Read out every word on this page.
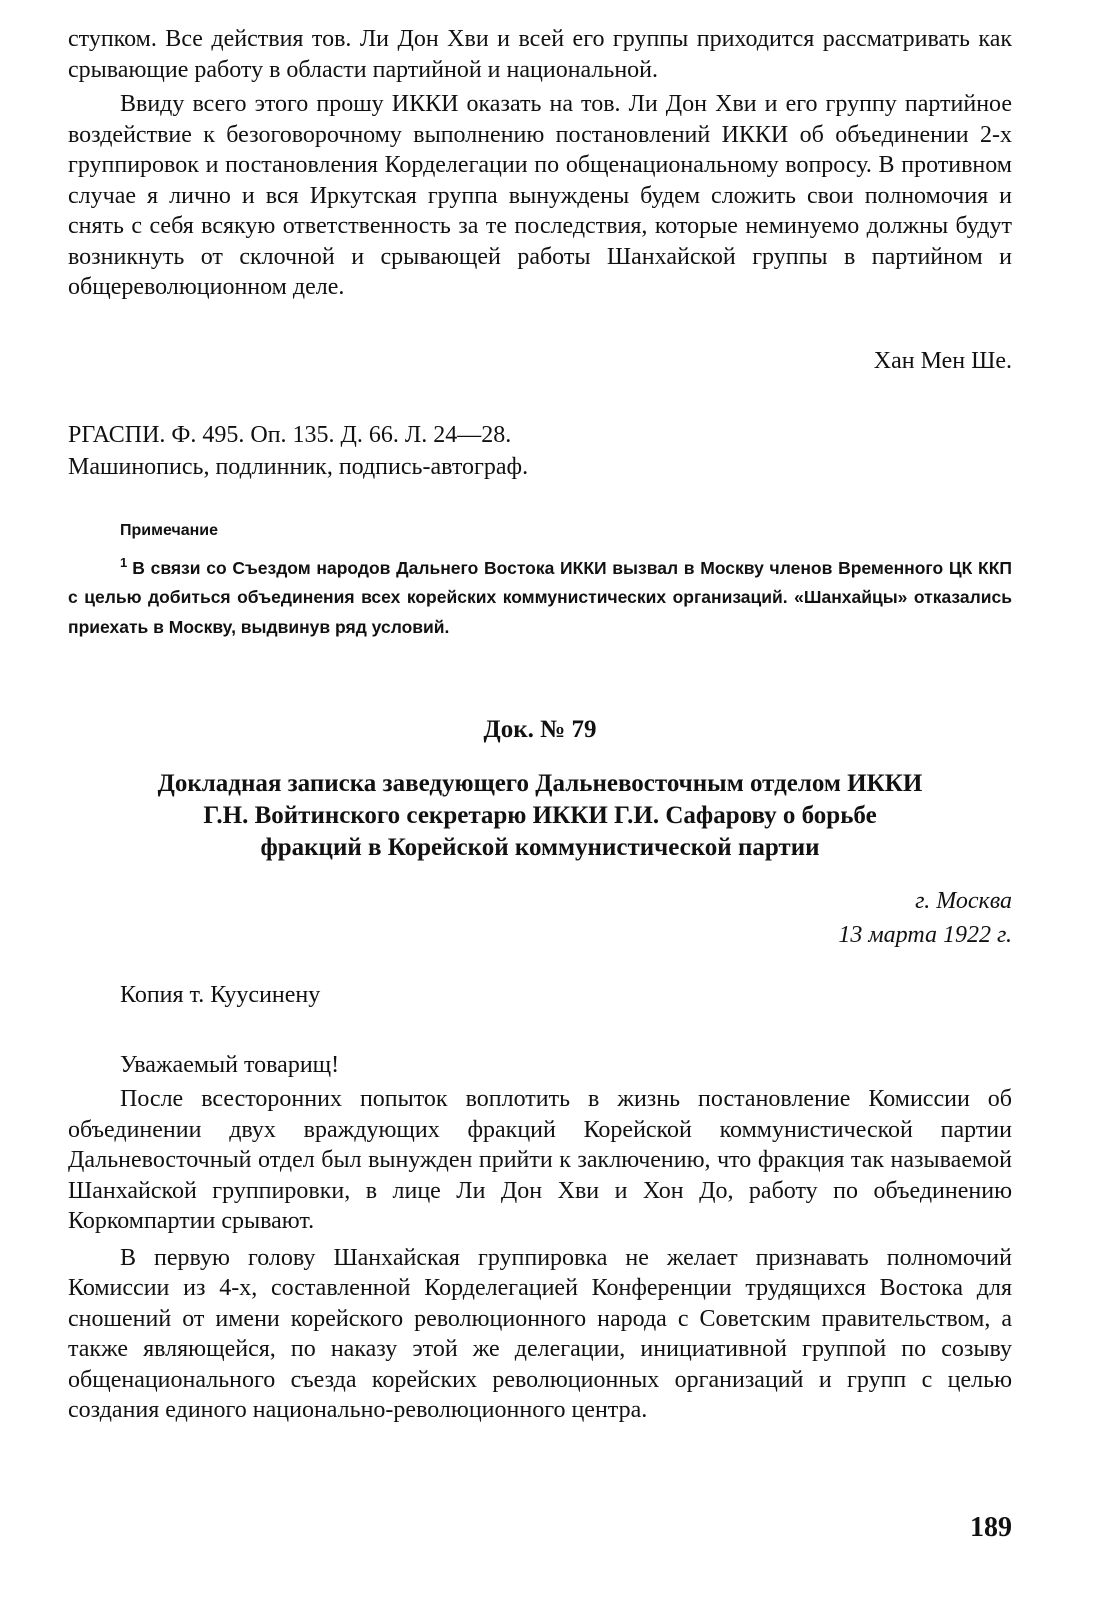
ступком. Все действия тов. Ли Дон Хви и всей его группы приходится рассматривать как срывающие работу в области партийной и национальной.

Ввиду всего этого прошу ИККИ оказать на тов. Ли Дон Хви и его группу партийное воздействие к безоговорочному выполнению постановлений ИККИ об объединении 2-х группировок и постановления Корделегации по общенациональному вопросу. В противном случае я лично и вся Иркутская группа вынуждены будем сложить свои полномочия и снять с себя всякую ответственность за те последствия, которые неминуемо должны будут возникнуть от склочной и срывающей работы Шанхайской группы в партийном и общереволюционном деле.

Хан Мен Ше.
РГАСПИ. Ф. 495. Оп. 135. Д. 66. Л. 24—28.
Машинопись, подлинник, подпись-автограф.
Примечание

$^1$ В связи со Съездом народов Дальнего Востока ИККИ вызвал в Москву членов Временного ЦК ККП с целью добиться объединения всех корейских коммунистических организаций. «Шанхайцы» отказались приехать в Москву, выдвинув ряд условий.

Док. № 79
Докладная записка заведующего Дальневосточным отделом ИККИ
Г.Н. Войтинского секретарю ИККИ Г.И. Сафарову о борьбе
фракций в Корейской коммунистической партии
г. Москва
13 марта 1922 г.
Копия т. Куусинену
Уважаемый товарищ!

После всесторонних попыток воплотить в жизнь постановление Комиссии об объединении двух враждующих фракций Корейской коммунистической партии Дальневосточный отдел был вынужден прийти к заключению, что фракция так называемой Шанхайской группировки, в лице Ли Дон Хви и Хон До, работу по объединению Коркомпартии срывают.

В первую голову Шанхайская группировка не желает признавать полномочий Комиссии из 4-х, составленной Корделегацией Конференции трудящихся Востока для сношений от имени корейского революционного народа с Советским правительством, а также являющейся, по наказу этой же делегации, инициативной группой по созыву общенационального съезда корейских революционных организаций и групп с целью создания единого национально-революционного центра.

189
